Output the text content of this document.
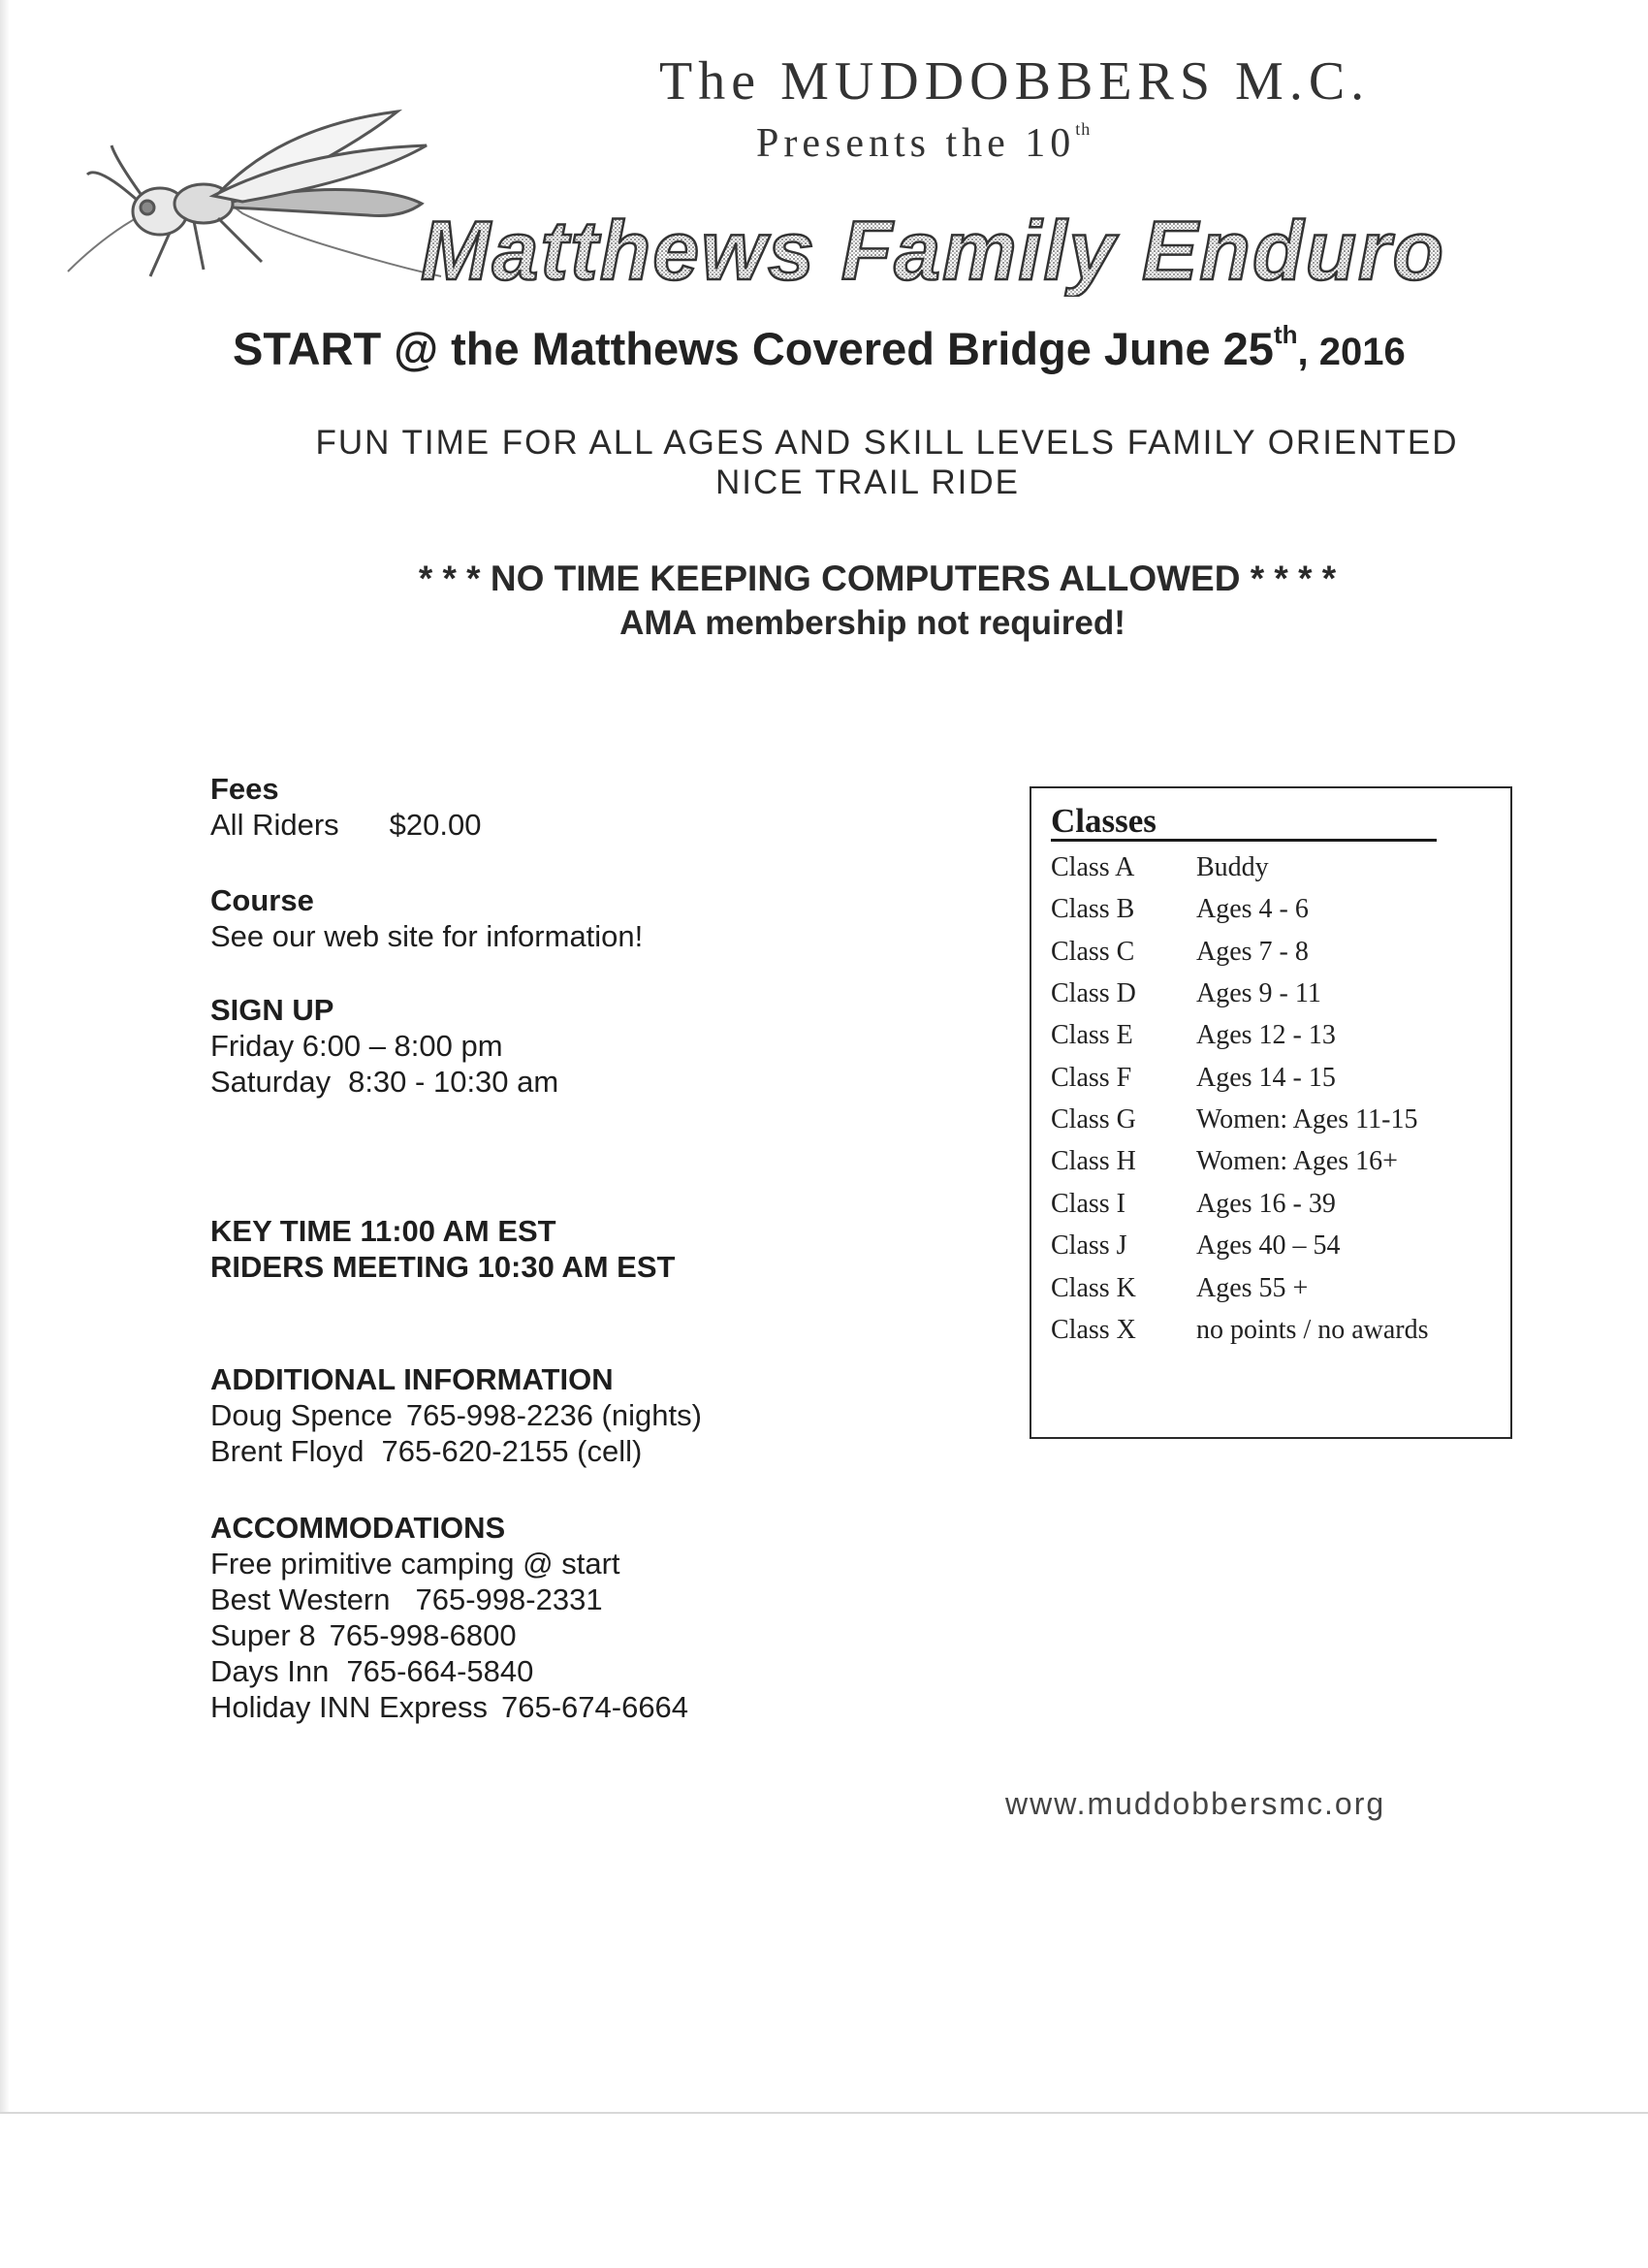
The MUDDOBBERS M.C.
Presents the 10th
Matthews Family Enduro
START @ the Matthews Covered Bridge June 25th, 2016
FUN TIME FOR ALL AGES AND SKILL LEVELS FAMILY ORIENTED
NICE TRAIL RIDE
* * * NO TIME KEEPING COMPUTERS ALLOWED * * * *
AMA membership not required!
Fees
All Riders $20.00
Course
See our web site for information!
SIGN UP
Friday 6:00 – 8:00 pm
Saturday 8:30 - 10:30 am
KEY TIME 11:00 AM EST
RIDERS MEETING 10:30 AM EST
ADDITIONAL INFORMATION
Doug Spence 765-998-2236 (nights)
Brent Floyd 765-620-2155 (cell)
ACCOMMODATIONS
Free primitive camping @ start
Best Western 765-998-2331
Super 8 765-998-6800
Days Inn 765-664-5840
Holiday INN Express 765-674-6664
Classes
Class A Buddy
Class B Ages 4 - 6
Class C Ages 7 - 8
Class D Ages 9 - 11
Class E Ages 12 - 13
Class F Ages 14 - 15
Class G Women: Ages 11-15
Class H Women: Ages 16+
Class I	Ages 16 - 39
Class J	Ages 40 – 54
Class K Ages 55 +
Class X no points / no awards
www.muddobbersmc.org
